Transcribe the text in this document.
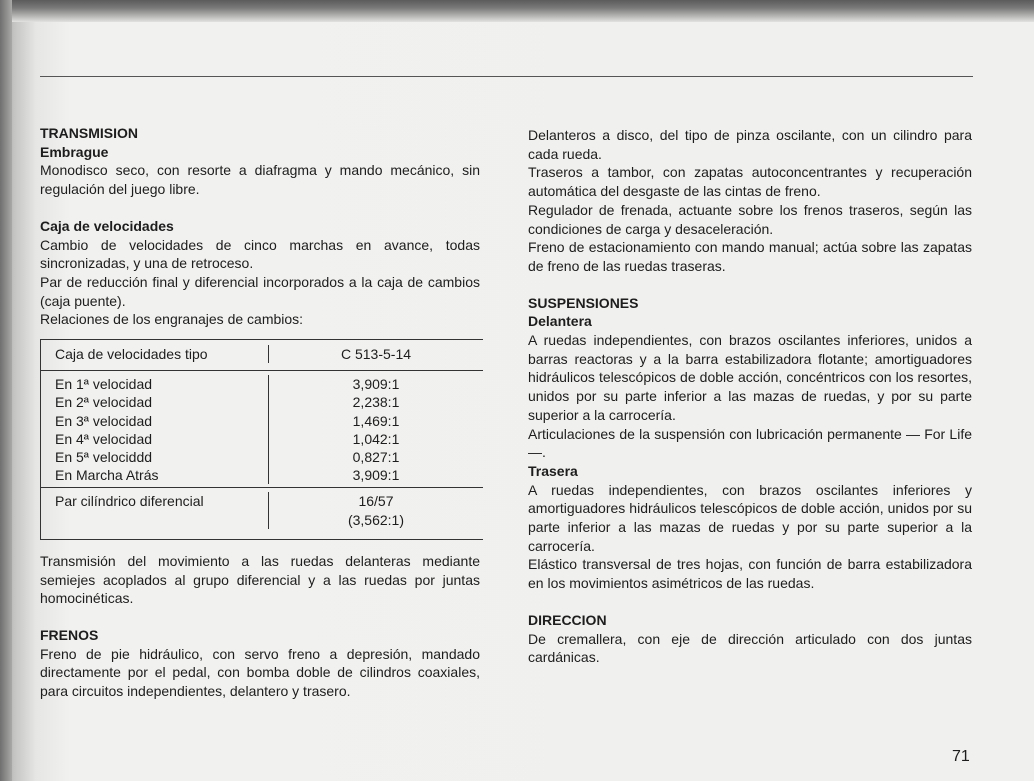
TRANSMISION

Embrague

Monodisco seco, con resorte a diafragma y mando mecánico, sin regulación del juego libre.

Caja de velocidades

Cambio de velocidades de cinco marchas en avance, todas sincronizadas, y una de retroceso.

Par de reducción final y diferencial incorporados a la caja de cambios (caja puente).

Relaciones de los engranajes de cambios:

Caja de velocidades tipo	C 513-5-14
En 1ª velocidad	3,909:1
En 2ª velocidad	2,238:1
En 3ª velocidad	1,469:1
En 4ª velocidad	1,042:1
En 5ª velociddd	0,827:1
En Marcha Atrás	3,909:1
Par cilíndrico diferencial	16/57
(3,562:1)

Transmisión del movimiento a las ruedas delanteras mediante semiejes acoplados al grupo diferencial y a las ruedas por juntas homocinéticas.

FRENOS

Freno de pie hidráulico, con servo freno a depresión, mandado directamente por el pedal, con bomba doble de cilindros coaxiales, para circuitos independientes, delantero y trasero.

Delanteros a disco, del tipo de pinza oscilante, con un cilindro para cada rueda.

Traseros a tambor, con zapatas autoconcentrantes y recuperación automática del desgaste de las cintas de freno.

Regulador de frenada, actuante sobre los frenos traseros, según las condiciones de carga y desaceleración.

Freno de estacionamiento con mando manual; actúa sobre las zapatas de freno de las ruedas traseras.

SUSPENSIONES

Delantera

A ruedas independientes, con brazos oscilantes inferiores, unidos a barras reactoras y a la barra estabilizadora flotante; amortiguadores hidráulicos telescópicos de doble acción, concéntricos con los resortes, unidos por su parte inferior a las mazas de ruedas, y por su parte superior a la carrocería.

Articulaciones de la suspensión con lubricación permanente — For Life—.

Trasera

A ruedas independientes, con brazos oscilantes inferiores y amortiguadores hidráulicos telescópicos de doble acción, unidos por su parte inferior a las mazas de ruedas y por su parte superior a la carrocería.

Elástico transversal de tres hojas, con función de barra estabilizadora en los movimientos asimétricos de las ruedas.

DIRECCION

De cremallera, con eje de dirección articulado con dos juntas cardánicas.

71
